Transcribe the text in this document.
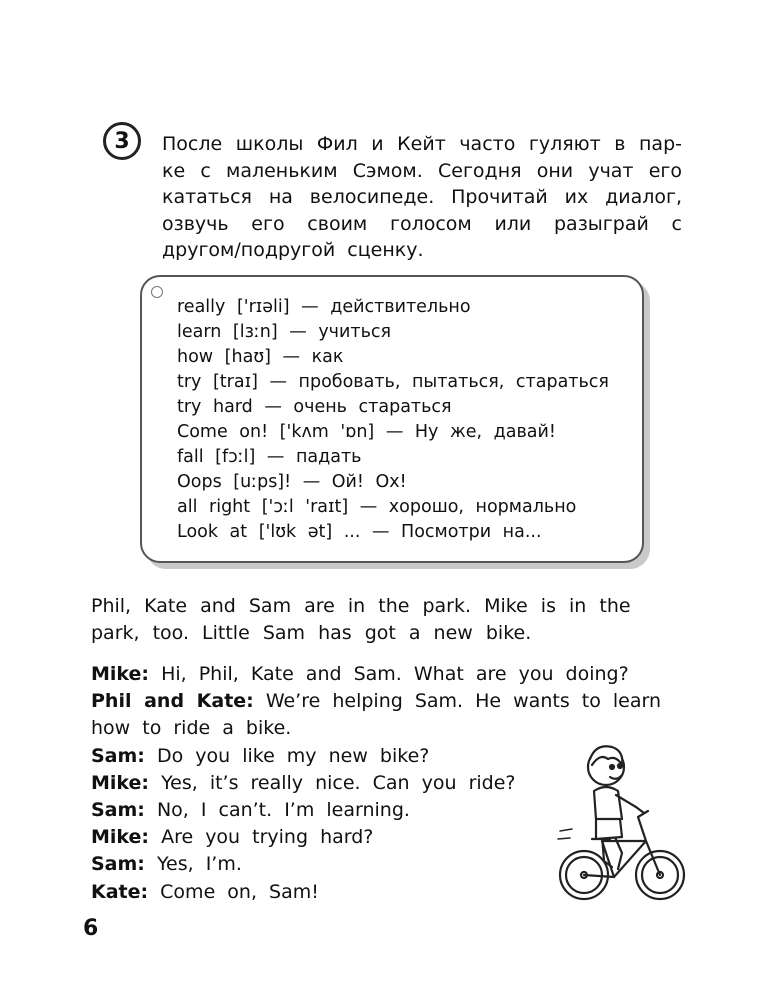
3 После школы Фил и Кейт часто гуляют в пар-
ке с маленьким Сэмом. Сегодня они учат его
кататься на велосипеде. Прочитай их диалог,
озвучь его своим голосом или разыграй с
другом/подругой сценку.
really ['rɪəli] — действительно
learn [lɜːn] — учиться
how [haʊ] — как
try [traɪ] — пробовать, пытаться, стараться
try hard — очень стараться
Come on! ['kʌm 'ɒn] — Ну же, давай!
fall [fɔːl] — падать
Oops [uːps]! — Ой! Ох!
all right ['ɔːl 'raɪt] — хорошо, нормально
Look at ['lʊk ət] ... — Посмотри на...
Phil, Kate and Sam are in the park. Mike is in the
park, too. Little Sam has got a new bike.
Mike: Hi, Phil, Kate and Sam. What are you doing?
Phil and Kate: We’re helping Sam. He wants to learn how to ride a bike.
Sam: Do you like my new bike?
Mike: Yes, it’s really nice. Can you ride?
Sam: No, I can’t. I’m learning.
Mike: Are you trying hard?
Sam: Yes, I’m.
Kate: Come on, Sam!
6
